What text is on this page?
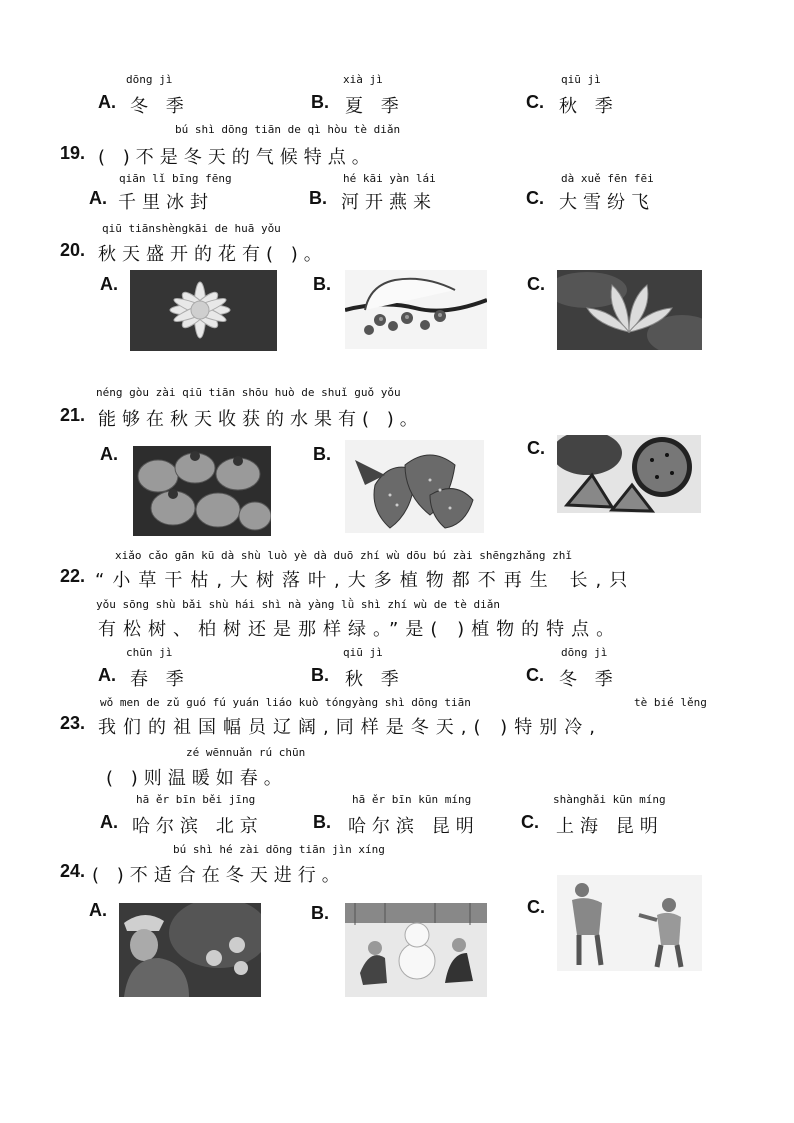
dōng jì	xià jì	qiū jì
A. 冬 季	B. 夏 季	C. 秋 季
bú shì dōng tiān de qì hòu tè diǎn
19. ( )不是冬天的气候特点。
qiān lǐ bīng fēng	hé kāi yàn lái	dà xuě fēn fēi
A. 千里冰封	B. 河开燕来	C. 大雪纷飞
qiū tiānshèngkāi de huā yǒu
20. 秋天盛开的花有( )。
A.	B.	C.
néng gòu zài qiū tiān shōu huò de shuǐ guǒ yǒu
21. 能够在秋天收获的水果有( )。
A.	B.	C.
xiǎo cǎo gān kū dà shù luò yè dà duō zhí wù dōu bú zài shēngzhǎng zhǐ
22. “小草干枯,大树落叶,大多植物都不再生 长,只
yǒu sōng shù bǎi shù hái shì nà yàng lǜ shì zhí wù de tè diǎn
有松树、柏树还是那样绿。”是( )植物的特点。
chūn jì	qiū jì	dōng jì
A. 春 季	B. 秋 季	C. 冬 季
wǒ men de zǔ guó fú yuán liáo kuò tóngyàng shì dōng tiān	tè bié lěng
23. 我们的祖国幅员辽阔,同样是冬天,( )特别冷,
zé wēnnuǎn rú chūn
( )则温暖如春。
hā ěr bīn běi jīng	hā ěr bīn kūn míng	shànghǎi kūn míng
A. 哈尔滨 北京	B. 哈尔滨 昆明 C. 上海 昆明
bú shì hé zài dōng tiān jìn xíng
24. ( )不适合在冬天进行。
A.	B.	C.
